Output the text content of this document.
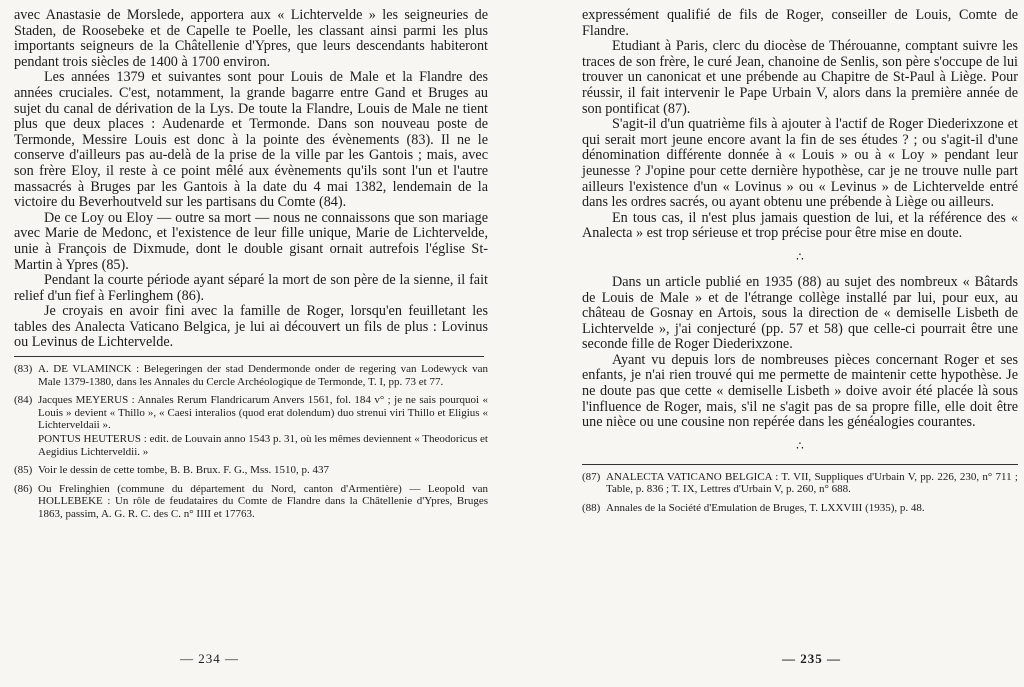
avec Anastasie de Morslede, apportera aux « Lichtervelde » les seigneuries de Staden, de Roosebeke et de Capelle te Poelle, les classant ainsi parmi les plus importants seigneurs de la Châtellenie d'Ypres, que leurs descendants habiteront pendant trois siècles de 1400 à 1700 environ.

Les années 1379 et suivantes sont pour Louis de Male et la Flandre des années cruciales. C'est, notamment, la grande bagarre entre Gand et Bruges au sujet du canal de dérivation de la Lys. De toute la Flandre, Louis de Male ne tient plus que deux places : Audenarde et Termonde. Dans son nouveau poste de Termonde, Messire Louis est donc à la pointe des évènements (83). Il ne le conserve d'ailleurs pas au-delà de la prise de la ville par les Gantois ; mais, avec son frère Eloy, il reste à ce point mêlé aux évènements qu'ils sont l'un et l'autre massacrés à Bruges par les Gantois à la date du 4 mai 1382, lendemain de la victoire du Beverhoutveld sur les partisans du Comte (84).

De ce Loy ou Eloy — outre sa mort — nous ne connaissons que son mariage avec Marie de Medonc, et l'existence de leur fille unique, Marie de Lichtervelde, unie à François de Dixmude, dont le double gisant ornait autrefois l'église St-Martin à Ypres (85).

Pendant la courte période ayant séparé la mort de son père de la sienne, il fait relief d'un fief à Ferlinghem (86).

Je croyais en avoir fini avec la famille de Roger, lorsqu'en feuilletant les tables des Analecta Vaticano Belgica, je lui ai découvert un fils de plus : Lovinus ou Levinus de Lichtervelde.

(83) A. DE VLAMINCK : Belegeringen der stad Dendermonde onder de regering van Lodewyck van Male 1379-1380, dans les Annales du Cercle Archéologique de Termonde, T. I, pp. 73 et 77.
(84) Jacques MEYERUS : Annales Rerum Flandricarum Anvers 1561, fol. 184 v° ; je ne sais pourquoi « Louis » devient « Thillo », « Caesi interalios (quod erat dolendum) duo strenui viri Thillo et Eligius « Lichterveldaii ».
PONTUS HEUTERUS : edit. de Louvain anno 1543 p. 31, où les mêmes deviennent « Theodoricus et Aegidius Lichterveldii. »
(85) Voir le dessin de cette tombe, B. B. Brux. F. G., Mss. 1510, p. 437
(86) Ou Frelinghien (commune du département du Nord, canton d'Armentière) — Leopold van HOLLEBEKE : Un rôle de feudataires du Comte de Flandre dans la Châtellenie d'Ypres, Bruges 1863, passim, A. G. R. C. des C. n° IIII et 17763.
— 234 —

expressément qualifié de fils de Roger, conseiller de Louis, Comte de Flandre.

Etudiant à Paris, clerc du diocèse de Thérouanne, comptant suivre les traces de son frère, le curé Jean, chanoine de Senlis, son père s'occupe de lui trouver un canonicat et une prébende au Chapitre de St-Paul à Liège. Pour réussir, il fait intervenir le Pape Urbain V, alors dans la première année de son pontificat (87).

S'agit-il d'un quatrième fils à ajouter à l'actif de Roger Diederixzone et qui serait mort jeune encore avant la fin de ses études ? ; ou s'agit-il d'une dénomination différente donnée à « Louis » ou à « Loy » pendant leur jeunesse ? J'opine pour cette dernière hypothèse, car je ne trouve nulle part ailleurs l'existence d'un « Lovinus » ou « Levinus » de Lichtervelde entré dans les ordres sacrés, ou ayant obtenu une prébende à Liège ou ailleurs.

En tous cas, il n'est plus jamais question de lui, et la référence des « Analecta » est trop sérieuse et trop précise pour être mise en doute.

∴

Dans un article publié en 1935 (88) au sujet des nombreux « Bâtards de Louis de Male » et de l'étrange collège installé par lui, pour eux, au château de Gosnay en Artois, sous la direction de « demiselle Lisbeth de Lichtervelde », j'ai conjecturé (pp. 57 et 58) que celle-ci pourrait être une seconde fille de Roger Diederixzone.

Ayant vu depuis lors de nombreuses pièces concernant Roger et ses enfants, je n'ai rien trouvé qui me permette de maintenir cette hypothèse. Je ne doute pas que cette « demiselle Lisbeth » doive avoir été placée là sous l'influence de Roger, mais, s'il ne s'agit pas de sa propre fille, elle doit être une nièce ou une cousine non repérée dans les généalogies courantes.

∴
(87) ANALECTA VATICANO BELGICA : T. VII, Suppliques d'Urbain V, pp. 226, 230, n° 711 ; Table, p. 836 ; T. IX, Lettres d'Urbain V, p. 260, n° 688.
(88) Annales de la Société d'Emulation de Bruges, T. LXXVIII (1935), p. 48.
— 235 —
